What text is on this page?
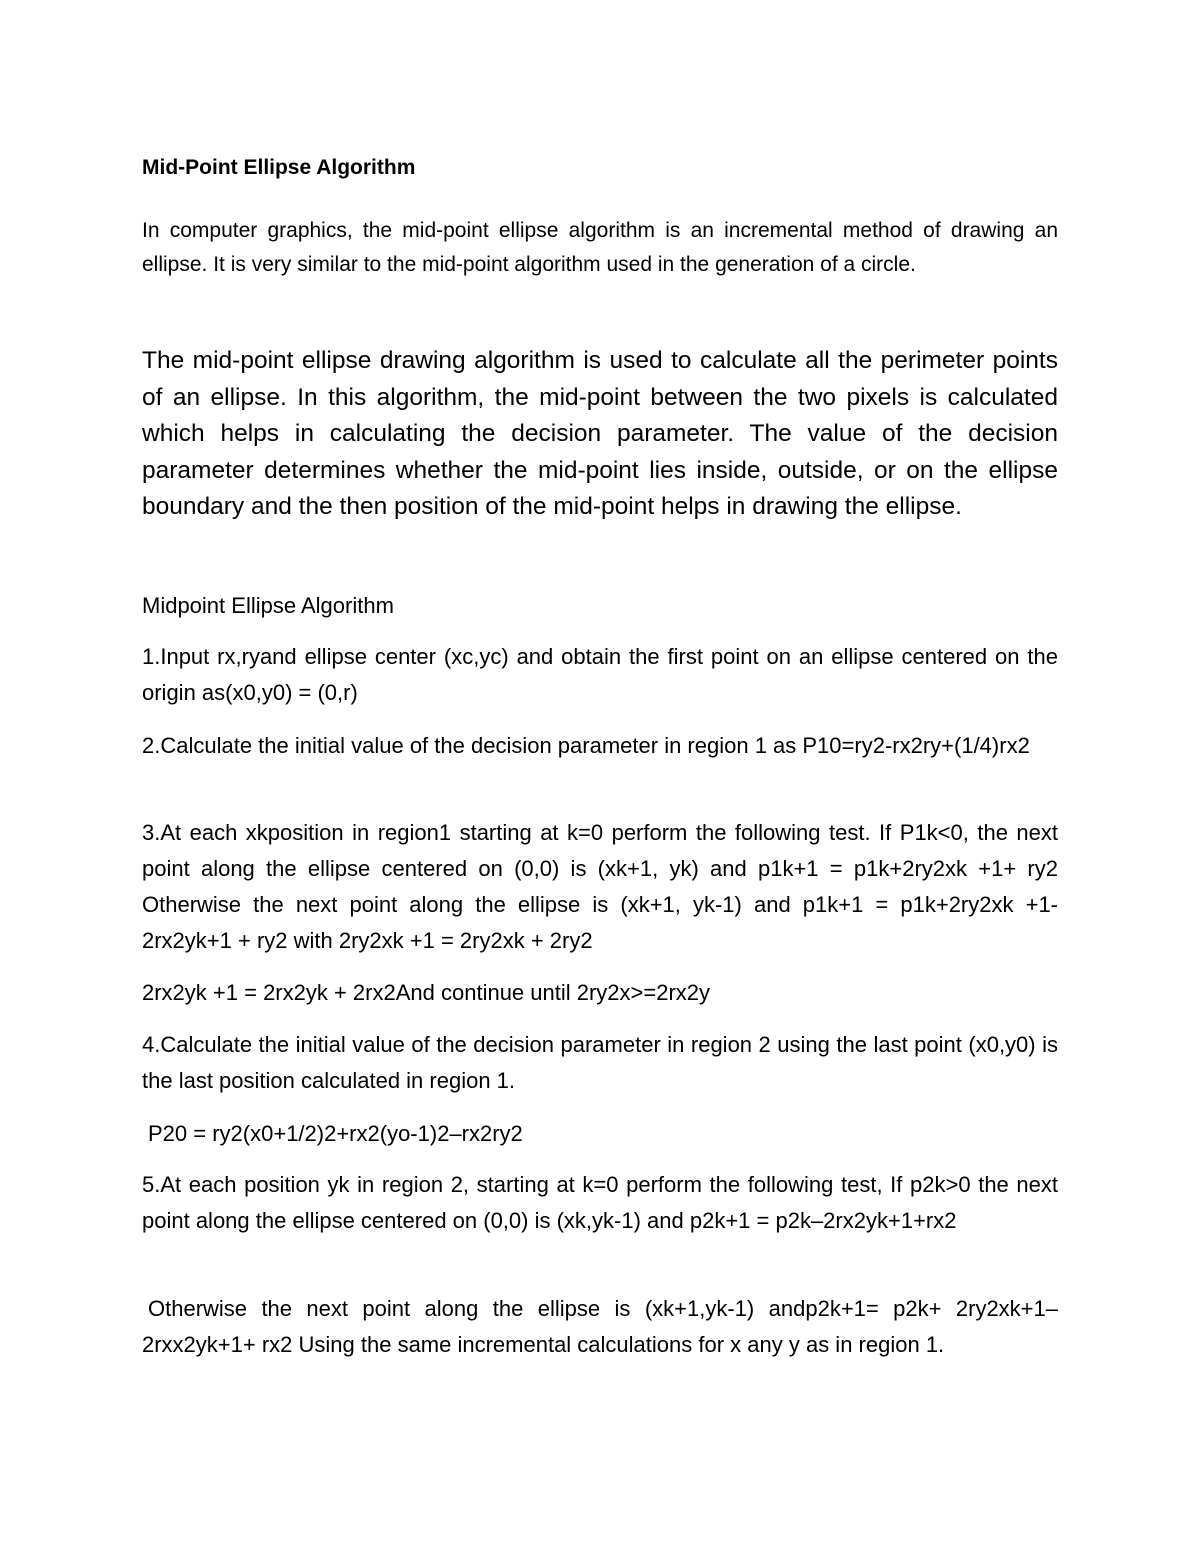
Mid-Point Ellipse Algorithm

In computer graphics, the mid-point ellipse algorithm is an incremental method of drawing an ellipse. It is very similar to the mid-point algorithm used in the generation of a circle.

The mid-point ellipse drawing algorithm is used to calculate all the perimeter points of an ellipse. In this algorithm, the mid-point between the two pixels is calculated which helps in calculating the decision parameter. The value of the decision parameter determines whether the mid-point lies inside, outside, or on the ellipse boundary and the then position of the mid-point helps in drawing the ellipse.

Midpoint Ellipse Algorithm

1.Input rx,ryand ellipse center (xc,yc) and obtain the first point on an ellipse centered on the origin as(x0,y0) = (0,r)

2.Calculate the initial value of the decision parameter in region 1 as P10=ry2-rx2ry+(1/4)rx2

3.At each xkposition in region1 starting at k=0 perform the following test. If P1k<0, the next point along the ellipse centered on (0,0) is (xk+1, yk) and p1k+1 = p1k+2ry2xk +1+ ry2 Otherwise the next point along the ellipse is (xk+1, yk-1) and p1k+1 = p1k+2ry2xk +1-2rx2yk+1 + ry2 with 2ry2xk +1 = 2ry2xk + 2ry2

2rx2yk +1 = 2rx2yk + 2rx2And continue until 2ry2x>=2rx2y

4.Calculate the initial value of the decision parameter in region 2 using the last point (x0,y0) is the last position calculated in region 1.

P20 = ry2(x0+1/2)2+rx2(yo-1)2–rx2ry2

5.At each position yk in region 2, starting at k=0 perform the following test, If p2k>0 the next point along the ellipse centered on (0,0) is (xk,yk-1) and p2k+1 = p2k–2rx2yk+1+rx2

Otherwise the next point along the ellipse is (xk+1,yk-1) andp2k+1= p2k+ 2ry2xk+1–2rxx2yk+1+ rx2 Using the same incremental calculations for x any y as in region 1.
